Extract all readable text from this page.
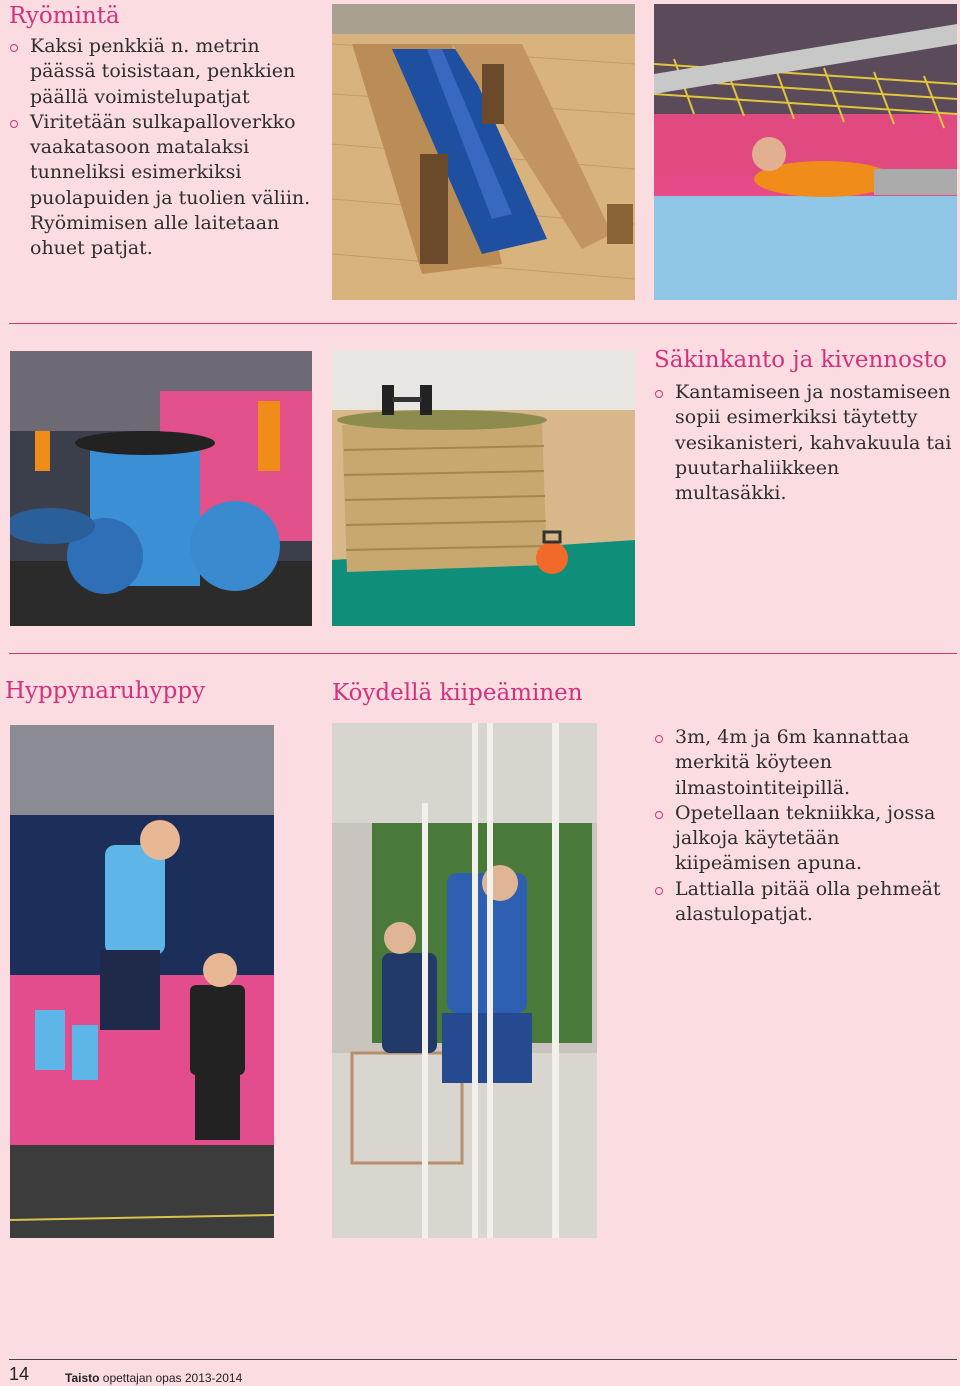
Ryömintä
Kaksi penkkiä n. metrin päässä toisistaan, penkkien päällä voimistelupatjat
Viritetään sulkapalloverkko vaakatasoon matalaksi tunneliksi esimerkiksi puolapuiden ja tuolien väliin. Ryömimisen alle laitetaan ohuet patjat.
Säkinkanto ja kivennosto
Kantamiseen ja nostamiseen sopii esimerkiksi täytetty vesikanisteri, kahvakuula tai puutarhaliikkeen multasäkki.
Hyppynaruhyppy	Köydellä kiipeäminen
3m, 4m ja 6m kannattaa merkitä köyteen ilmastointiteipillä.
Opetellaan tekniikka, jossa jalkoja käytetään kiipeämisen apuna.
Lattialla pitää olla pehmeät alastulopatjat.
14	Taisto opettajan opas 2013-2014
